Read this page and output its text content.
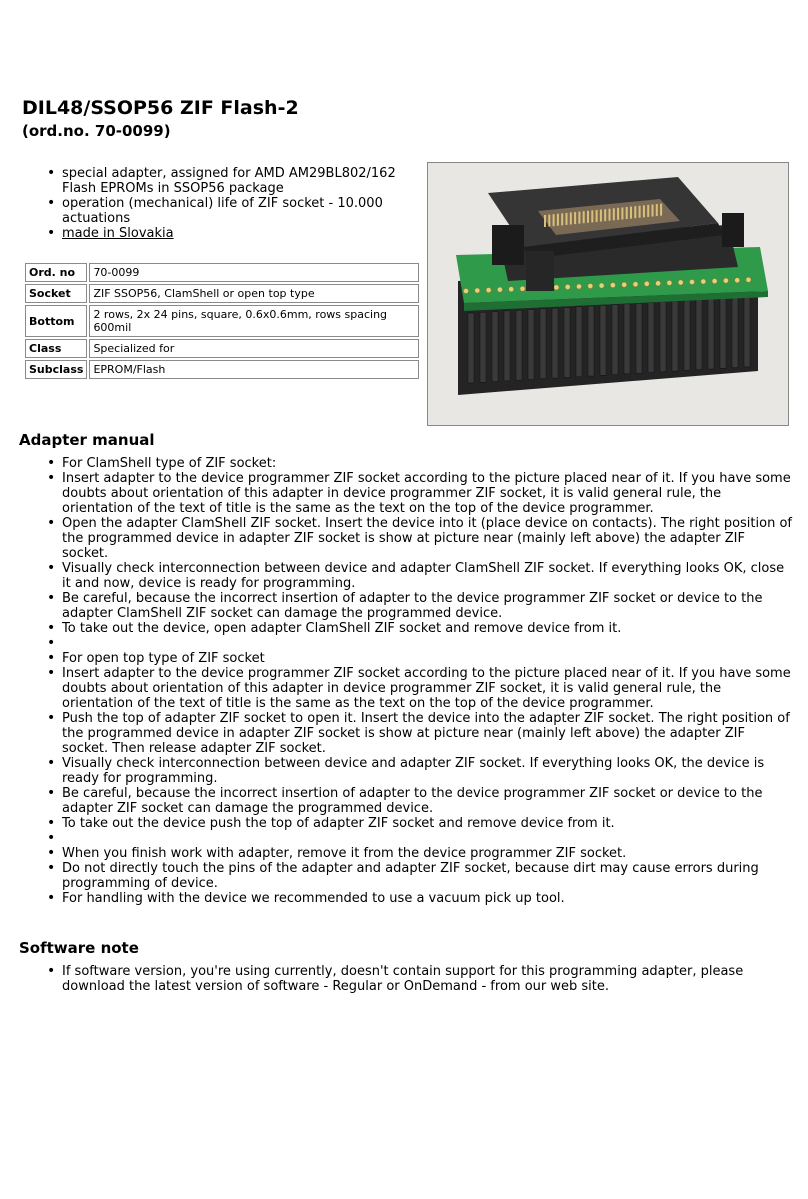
DIL48/SSOP56 ZIF Flash-2
(ord.no. 70-0099)
• special adapter, assigned for AMD AM29BL802/162 Flash EPROMs in SSOP56 package
• operation (mechanical) life of ZIF socket - 10.000 actuations
• made in Slovakia
Ord. no	70-0099
Socket	ZIF SSOP56, ClamShell or open top type
Bottom	2 rows, 2x 24 pins, square, 0.6x0.6mm, rows spacing 600mil
Class	Specialized for
Subclass	EPROM/Flash
Adapter manual
• For ClamShell type of ZIF socket:
• Insert adapter to the device programmer ZIF socket according to the picture placed near of it. If you have some doubts about orientation of this adapter in device programmer ZIF socket, it is valid general rule, the orientation of the text of title is the same as the text on the top of the device programmer.
• Open the adapter ClamShell ZIF socket. Insert the device into it (place device on contacts). The right position of the programmed device in adapter ZIF socket is show at picture near (mainly left above) the adapter ZIF socket.
• Visually check interconnection between device and adapter ClamShell ZIF socket. If everything looks OK, close it and now, device is ready for programming.
• Be careful, because the incorrect insertion of adapter to the device programmer ZIF socket or device to the adapter ClamShell ZIF socket can damage the programmed device.
• To take out the device, open adapter ClamShell ZIF socket and remove device from it.
•
• For open top type of ZIF socket
• Insert adapter to the device programmer ZIF socket according to the picture placed near of it. If you have some doubts about orientation of this adapter in device programmer ZIF socket, it is valid general rule, the orientation of the text of title is the same as the text on the top of the device programmer.
• Push the top of adapter ZIF socket to open it. Insert the device into the adapter ZIF socket. The right position of the programmed device in adapter ZIF socket is show at picture near (mainly left above) the adapter ZIF socket. Then release adapter ZIF socket.
• Visually check interconnection between device and adapter ZIF socket. If everything looks OK, the device is ready for programming.
• Be careful, because the incorrect insertion of adapter to the device programmer ZIF socket or device to the adapter ZIF socket can damage the programmed device.
• To take out the device push the top of adapter ZIF socket and remove device from it.
•
• When you finish work with adapter, remove it from the device programmer ZIF socket.
• Do not directly touch the pins of the adapter and adapter ZIF socket, because dirt may cause errors during programming of device.
• For handling with the device we recommended to use a vacuum pick up tool.
Software note
• If software version, you're using currently, doesn't contain support for this programming adapter, please download the latest version of software - Regular or OnDemand - from our web site.
